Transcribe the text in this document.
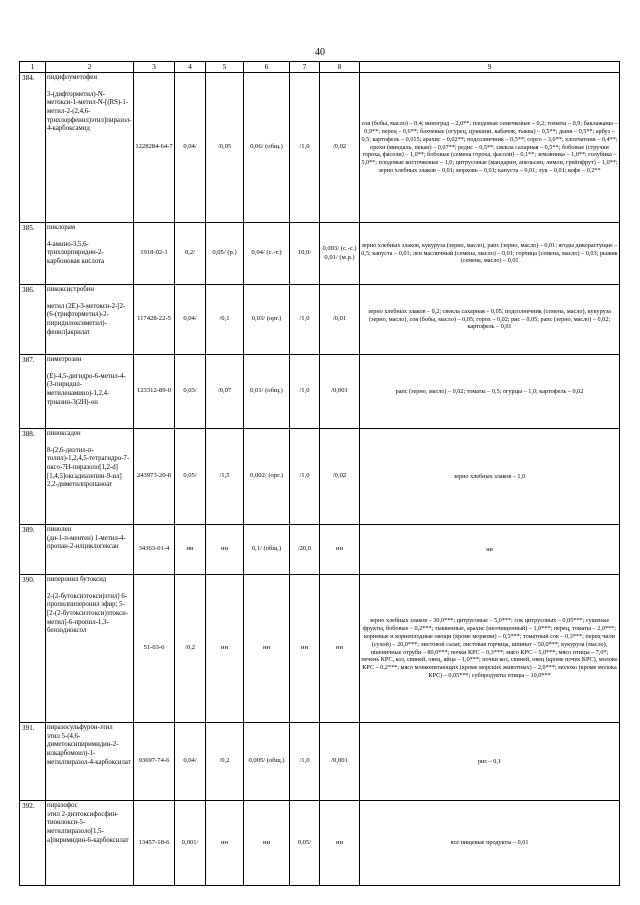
40
1	2	3	4	5	6	7	8	9
384.	пидифлуметофен
3-(дифторметил)-N-метокси-1-метил-N-[(RS)-1-метил-2-(2,4,6-трихлорфенил)этил]пиразол-4-карбоксамид	1228284-64-7	0,04/	/0,05	0,06/ (общ.)	/1,0	/0,02	соя (бобы, масло) – 0,4; виноград – 2,0**; плодовые семечковые – 0,2; томаты – 0,9; баклажаны – 0,9**; перец – 0,6**; бахчевые (огурец, цуккини, кабачок, тыква) – 0,5**; дыня – 0,5**; арбуз – 0,5; картофель – 0,015; арахис – 0,02**; подсолнечник – 0,5**; сорго – 3,0**; хлопчатник – 0,4**; орехи (миндаль, пекан) – 0,07**; редис – 0,5**; свекла сахарная – 0,5**; бобовые (стручки гороха, фасоли) – 1,0**; бобовые (семена гороха, фасоли) – 0,1**; земляника – 1,0**; голубика – 5,0**; плодовые косточковые – 1,0; цитрусовые (мандарин, апельсин, лимон, грейпфрут) – 1,0**; зерно хлебных злаков – 0,01; морковь – 0,01; капуста – 0,01; лук – 0,01; кофе – 0,2**
385.	пиклорам
4-амино-3,5,6-трихлорпиридин-2-карбоновая кислота	1918-02-1	0,2/	0,05/ (p.)	0,04/ (с.-т.)	10,0/	0,003/ (с.-с.) 0,01/ (м.р.)	зерно хлебных злаков, кукуруза (зерно, масло), рапс (зерно, масло) – 0,01; ягоды дикорастущие – 0,5; капуста – 0,01; лен масличный (семена, масло) – 0,01; горчица (семена, масло) – 0,03; рыжик (семена, масло) – 0,01
386.	пикоксистробин
метил (2E)-3-метокси-2-[2-(6-(трифторметил)-2-пиридилоксиметил)-фенил]акрилат	117428-22-5	0,04/	/0,1	0,03/ (орг.)	/1,0	/0,01	зерно хлебных злаков – 0,2; свекла сахарная – 0,05; подсолнечник (семена, масло), кукуруза (зерно, масло), соя (бобы, масло) – 0,05; горох – 0,02; рис – 0,05; рапс (зерно, масло) – 0,02; картофель – 0,01
387.	пиметрозин
(E)-4,5-дигидро-6-метил-4-(3-пиридил-метиленамино)-1,2,4-триазин-3(2H)-он	123312-89-0	0,03/	/0,07	0,01/ (общ.)	/1,0	/0,001	рапс (зерно, масло) – 0,02; томаты – 0,5; огурцы – 1,0; картофель – 0,02
388.	пиноксаден
8-(2,6-диэтил-п-толил)-1,2,4,5-тетрагидро-7-оксо-7H-пиразоло[1,2-d][1,4,5]оксадиазепин-9-ил] 2,2-диметилпропаноат	243973-20-8	0,05/	/1,5	0,002/ (орг.)	/1,0	/0,02	зерно хлебных злаков – 1,0
389.	пинолен
(ди-1-п-ментен) 1-метил-4-пропан-2-илциклогексан	34363-01-4	нн	нн	0,1/ (общ.)	/20,0	нн	нн
390.	пиперонил бутоксид
2-(2-бутоксиэтокси)этил] 6-пропилпиперонил эфир; 5-[2-(2-бутоксиэтокси)этокси-метил]-6-пропил-1,3-бензодиоксол	51-03-6	/0,2	нн	нн	нн	нн	зерно хлебных злаков – 30,0***; цитрусовые – 5,0***; сок цитрусовых – 0,05***; сушеные фрукты, бобовые – 0,2***; тыквенные, арахис (неочищенный) – 1,0***; перец, томаты – 2,0***; корневые и корнеплодные овощи (кроме моркови) – 0,5***; томатный сок – 0,3***; перец чили (сухой) – 20,0***; листовой салат, листовая горчица, шпинат – 50,0***; кукуруза (масло), пшеничные отруби – 80,0***; почки КРС – 0,3***; мясо КРС – 5,0***; мясо птицы – 7,0*; печень КРС, коз, свиней, овец, яйца – 1,0***; почки коз, свиней, овец (кроме почек КРС), молоко КРС – 0,2***; мясо млекопитающих (кроме морских животных) – 2,0***; молоко (кроме молока КРС) – 0,05***; субпродукты птицы – 10,0***
391.	пиразосульфурон-этил
этил 5-(4,6-диметоксипиримидин-2-илкарбомоил)-1-метилпиразол-4-карбоксилат	93697-74-6	0,04/	/0,2	0,005/ (общ.)	/1,0	/0,001	рис – 0,1
392.	пиразофос
этил 2-диэтоксифосфин-тиоилокси-5-метилпиразоло[1,5-a]пиримидин-6-карбоксилат	13457-18-6	0,001/	нн	нн	0,05/	нн	все пищевые продукты – 0,01
